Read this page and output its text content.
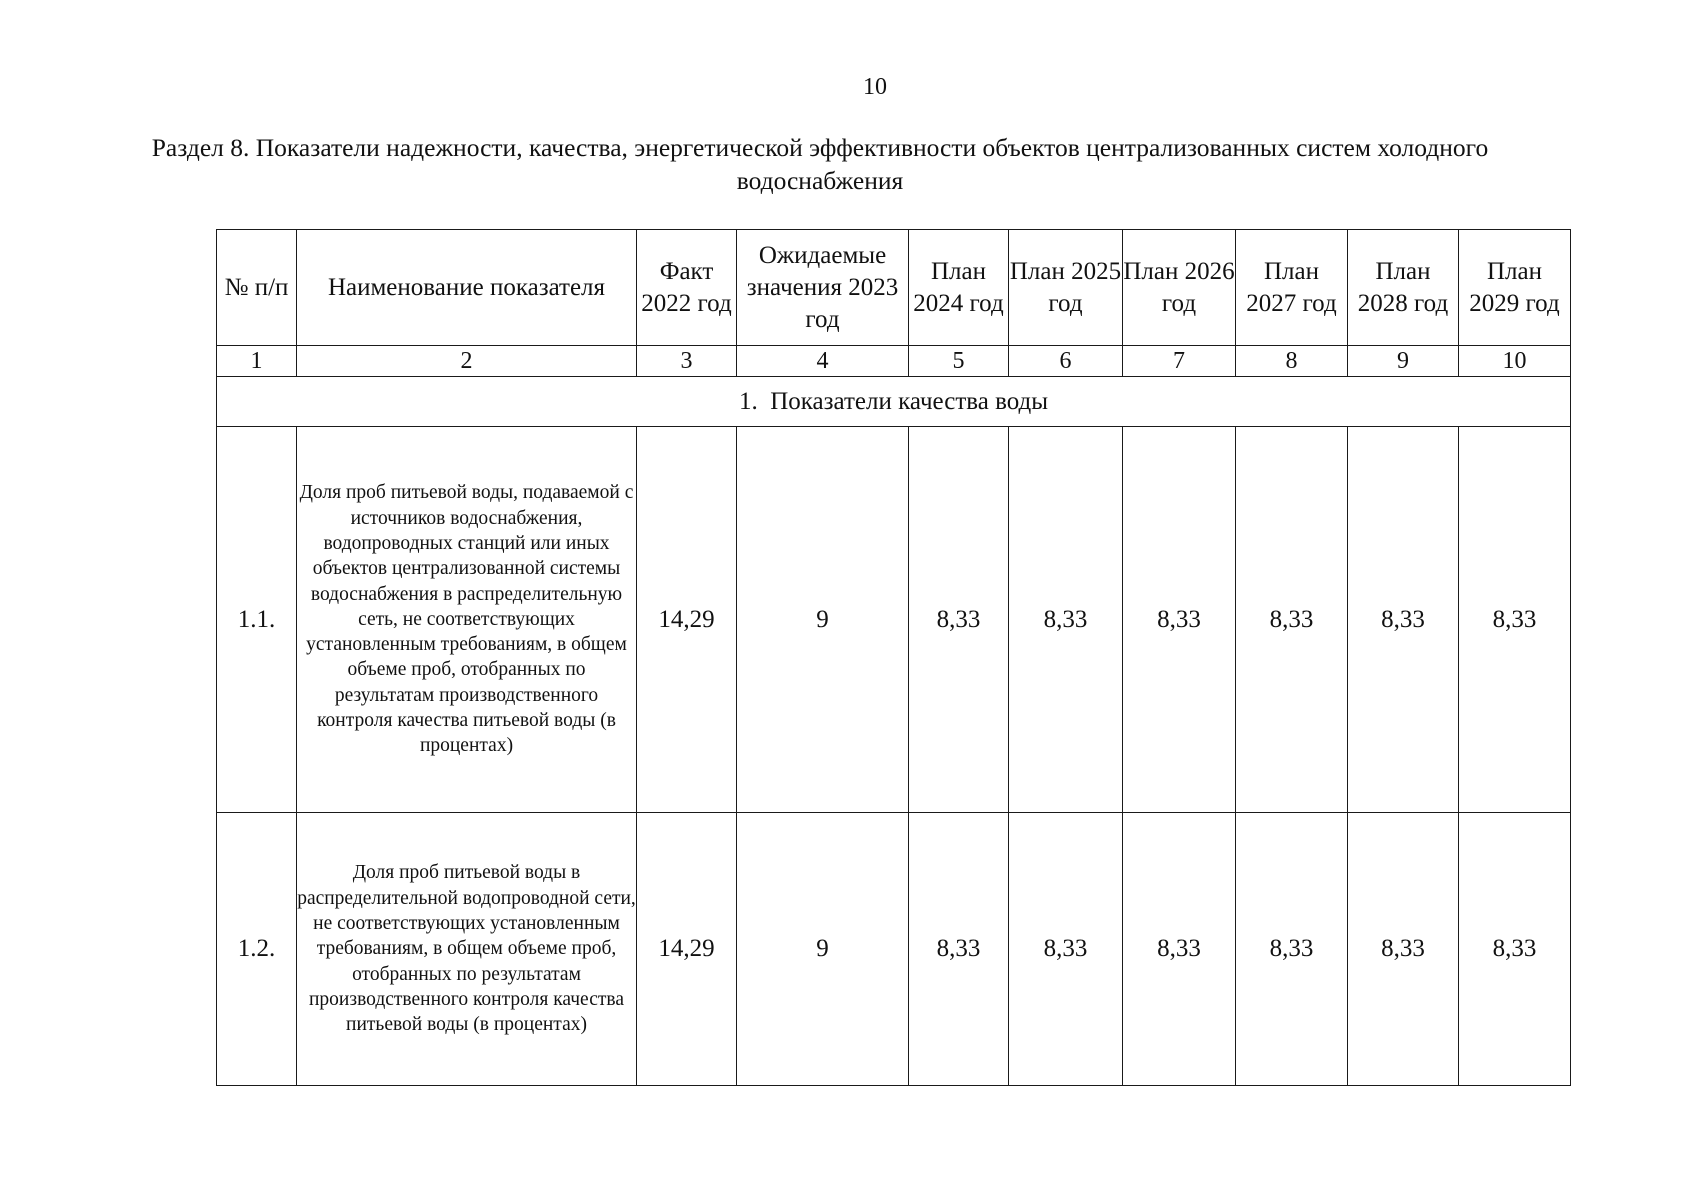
10
Раздел 8. Показатели надежности, качества, энергетической эффективности объектов централизованных систем холодного водоснабжения
№ п/п	Наименование показателя	Факт 2022 год	Ожидаемые значения 2023 год	План 2024 год	План 2025 год	План 2026 год	План 2027 год	План 2028 год	План 2029 год
1	2	3	4	5	6	7	8	9	10
1.  Показатели качества воды									
1.1.	Доля проб питьевой воды, подаваемой с источников водоснабжения, водопроводных станций или иных объектов централизованной системы водоснабжения в распределительную сеть, не соответствующих установленным требованиям, в общем объеме проб, отобранных по результатам производственного контроля качества питьевой воды (в процентах)	14,29	9	8,33	8,33	8,33	8,33	8,33	8,33
1.2.	Доля проб питьевой воды в распределительной водопроводной сети, не соответствующих установленным требованиям, в общем объеме проб, отобранных по результатам производственного контроля качества питьевой воды (в процентах)	14,29	9	8,33	8,33	8,33	8,33	8,33	8,33
